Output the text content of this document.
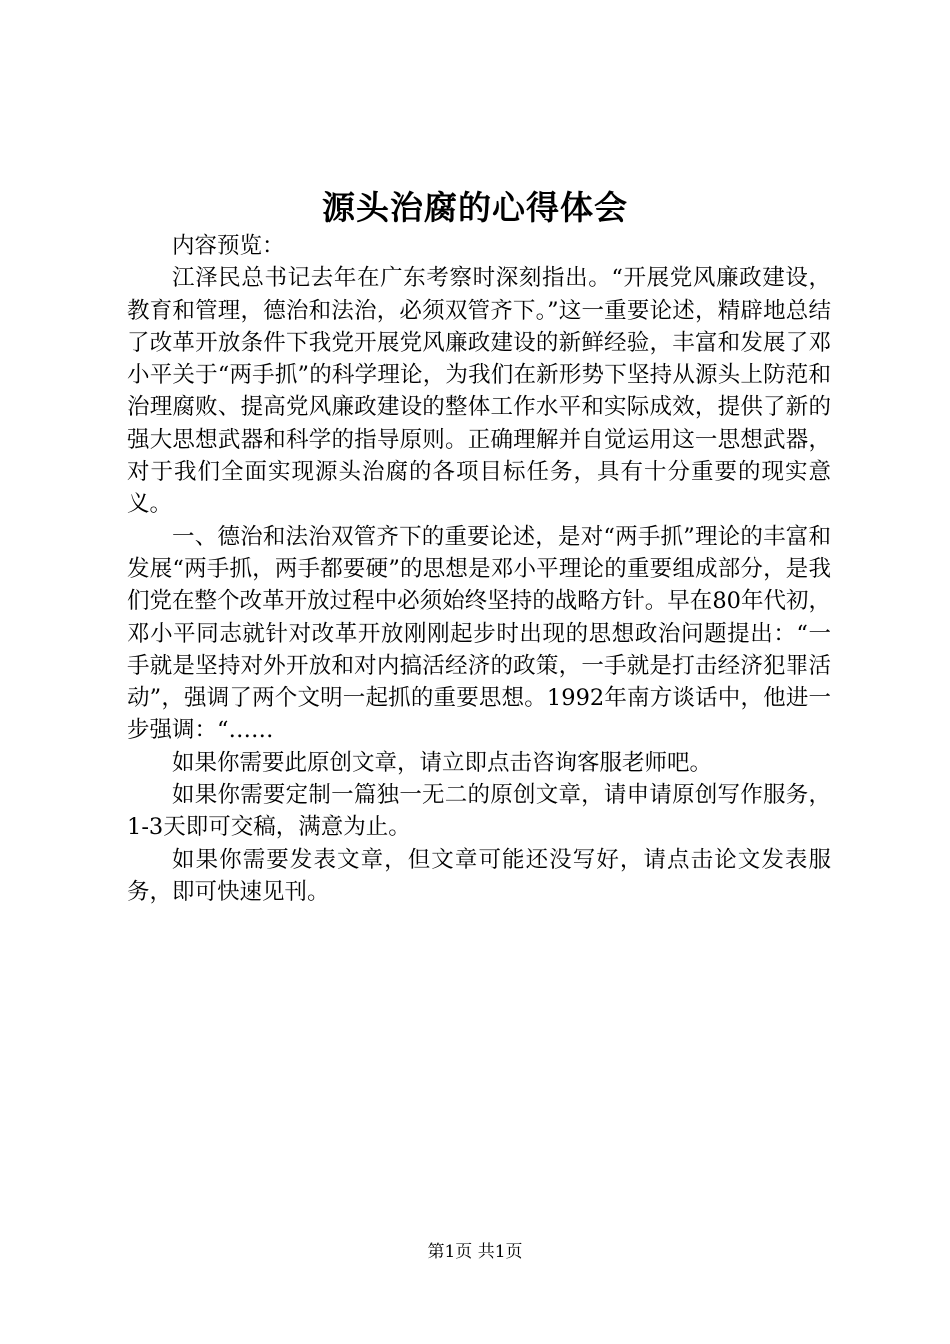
源头治腐的心得体会

内容预览：

江泽民总书记去年在广东考察时深刻指出。“开展党风廉政建设，教育和管理，德治和法治，必须双管齐下。”这一重要论述，精辟地总结了改革开放条件下我党开展党风廉政建设的新鲜经验，丰富和发展了邓小平关于“两手抓”的科学理论，为我们在新形势下坚持从源头上防范和治理腐败、提高党风廉政建设的整体工作水平和实际成效，提供了新的强大思想武器和科学的指导原则。正确理解并自觉运用这一思想武器，对于我们全面实现源头治腐的各项目标任务，具有十分重要的现实意义。

一、德治和法治双管齐下的重要论述，是对“两手抓”理论的丰富和发展“两手抓，两手都要硬”的思想是邓小平理论的重要组成部分，是我们党在整个改革开放过程中必须始终坚持的战略方针。早在80年代初，邓小平同志就针对改革开放刚刚起步时出现的思想政治问题提出：“一手就是坚持对外开放和对内搞活经济的政策，一手就是打击经济犯罪活动”，强调了两个文明一起抓的重要思想。1992年南方谈话中，他进一步强调：“……

如果你需要此原创文章，请立即点击咨询客服老师吧。

如果你需要定制一篇独一无二的原创文章，请申请原创写作服务，1-3天即可交稿，满意为止。

如果你需要发表文章，但文章可能还没写好，请点击论文发表服务，即可快速见刊。

第1页 共1页
